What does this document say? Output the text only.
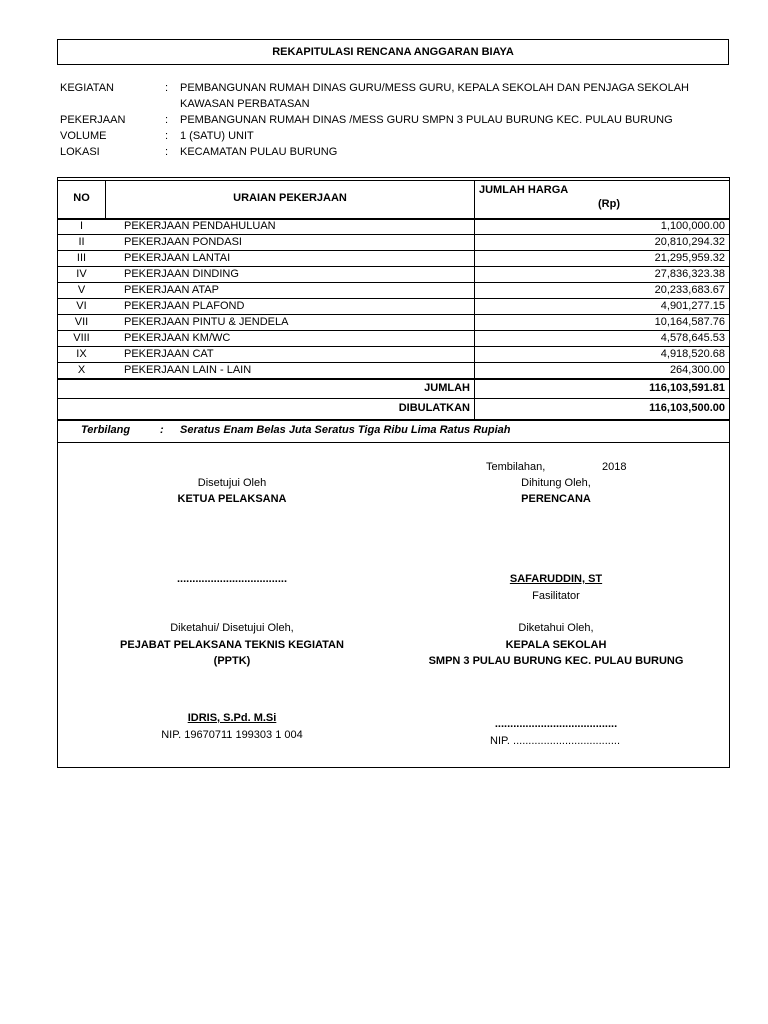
REKAPITULASI RENCANA ANGGARAN BIAYA
KEGIATAN	: PEMBANGUNAN RUMAH DINAS GURU/MESS GURU, KEPALA SEKOLAH DAN PENJAGA SEKOLAH
KAWASAN PERBATASAN
PEKERJAAN	: PEMBANGUNAN RUMAH DINAS /MESS GURU SMPN 3 PULAU BURUNG KEC. PULAU BURUNG
VOLUME	: 1 (SATU) UNIT
LOKASI	: KECAMATAN PULAU BURUNG
NO	URAIAN PEKERJAAN
JUMLAH HARGA
(Rp)
I	PEKERJAAN PENDAHULUAN	1,100,000.00
II	PEKERJAAN PONDASI	20,810,294.32
III	PEKERJAAN LANTAI	21,295,959.32
IV	PEKERJAAN DINDING	27,836,323.38
V	PEKERJAAN ATAP	20,233,683.67
VI	PEKERJAAN PLAFOND	4,901,277.15
VII	PEKERJAAN PINTU & JENDELA	10,164,587.76
VIII	PEKERJAAN KM/WC	4,578,645.53
IX	PEKERJAAN CAT	4,918,520.68
X	PEKERJAAN LAIN - LAIN	264,300.00
JUMLAH	116,103,591.81
DIBULATKAN	116,103,500.00
Terbilang	: Seratus Enam Belas Juta Seratus Tiga Ribu Lima Ratus Rupiah
Tembilahan,	2018
Disetujui Oleh
KETUA PELAKSANA
....................................
Dihitung Oleh,
PERENCANA
SAFARUDDIN, ST
Fasilitator
Diketahui/ Disetujui Oleh,
PEJABAT PELAKSANA TEKNIS KEGIATAN
(PPTK)
IDRIS, S.Pd. M.Si
NIP. 19670711 199303 1 004
Diketahui Oleh,
KEPALA SEKOLAH
SMPN 3 PULAU BURUNG KEC. PULAU BURUNG
........................................
NIP. ...................................
